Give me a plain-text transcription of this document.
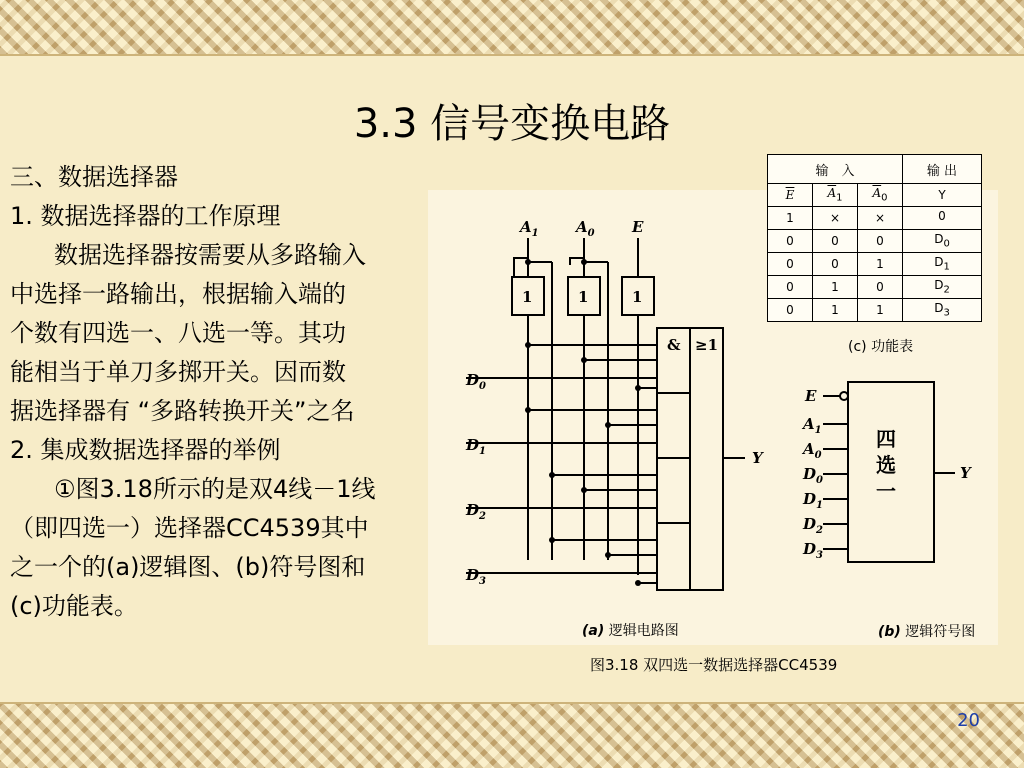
3.3 信号变换电路
三、数据选择器
1. 数据选择器的工作原理
数据选择器按需要从多路输入
中选择一路输出，根据输入端的
个数有四选一、八选一等。其功
能相当于单刀多掷开关。因而数
据选择器有 “多路转换开关”之名
2. 集成数据选择器的举例
①图3.18所示的是双4线－1线
（即四选一）选择器CC4539其中
之一个的(a)逻辑图、(b)符号图和
(c)功能表。
$A_1$ $A_0$ E
1	1	1
& ≥1
$D_0$
$D_1$
$D_2$
$D_3$
Y
四
选
一
E
$A_1$
$A_0$
$D_0$
$D_1$
$D_2$
$D_3$
Y
输　入			输 出
$\overline{E}$	$\overline{A}_1$	$\overline{A}_0$	Y
1	×	×	0
0	0	0	$D_0$
0	0	1	$D_1$
0	1	0	$D_2$
0	1	1	$D_3$
(c) 功能表
(a) 逻辑电路图	(b) 逻辑符号图
图3.18 双四选一数据选择器CC4539
20
